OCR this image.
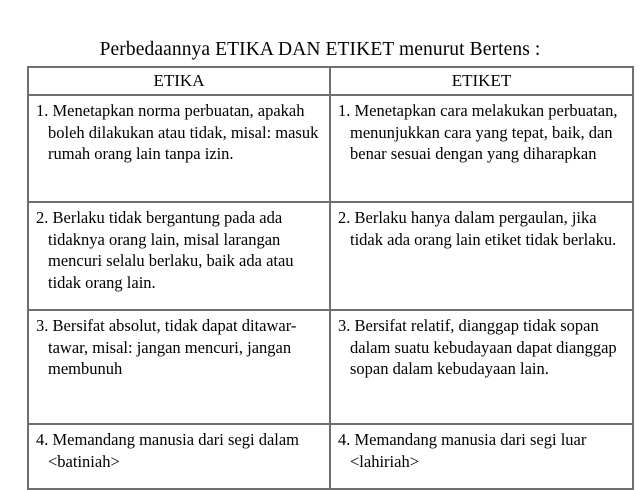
Perbedaannya ETIKA DAN ETIKET menurut Bertens :
ETIKA	ETIKET

1. Menetapkan norma perbuatan, apakah boleh dilakukan atau tidak, misal: masuk rumah orang lain tanpa izin.	1. Menetapkan cara melakukan perbuatan, menunjukkan cara yang tepat, baik, dan benar sesuai dengan yang diharapkan

2. Berlaku tidak bergantung pada ada tidaknya orang lain, misal larangan mencuri selalu berlaku, baik ada atau tidak orang lain.	2. Berlaku hanya dalam pergaulan, jika tidak ada orang lain etiket tidak berlaku.

3. Bersifat absolut, tidak dapat ditawar-tawar, misal: jangan mencuri, jangan membunuh	3. Bersifat relatif, dianggap tidak sopan dalam suatu kebudayaan dapat dianggap sopan dalam kebudayaan lain.

4. Memandang manusia dari segi dalam <batiniah>	4. Memandang manusia dari segi luar <lahiriah>
